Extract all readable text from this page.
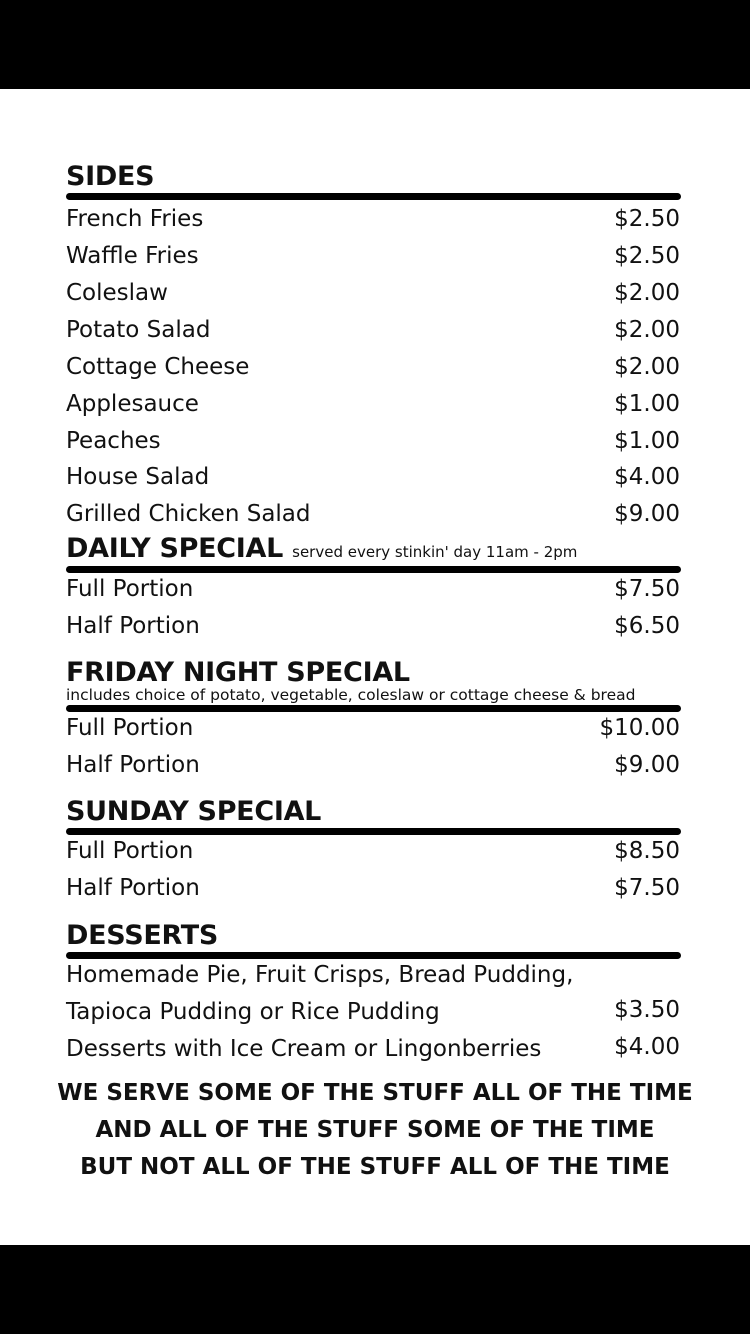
SIDES
French Fries	$2.50
Waffle Fries	$2.50
Coleslaw	$2.00
Potato Salad	$2.00
Cottage Cheese	$2.00
Applesauce	$1.00
Peaches	$1.00
House Salad	$4.00
Grilled Chicken Salad	$9.00
DAILY SPECIAL served every stinkin' day 11am - 2pm
Full Portion	$7.50
Half Portion	$6.50
FRIDAY NIGHT SPECIAL
includes choice of potato, vegetable, coleslaw or cottage cheese & bread
Full Portion	$10.00
Half Portion	$9.00
SUNDAY SPECIAL
Full Portion	$8.50
Half Portion	$7.50
DESSERTS
Homemade Pie, Fruit Crisps, Bread Pudding,
Tapioca Pudding or Rice Pudding	$3.50
Desserts with Ice Cream or Lingonberries	$4.00
WE SERVE SOME OF THE STUFF ALL OF THE TIME
AND ALL OF THE STUFF SOME OF THE TIME
BUT NOT ALL OF THE STUFF ALL OF THE TIME
